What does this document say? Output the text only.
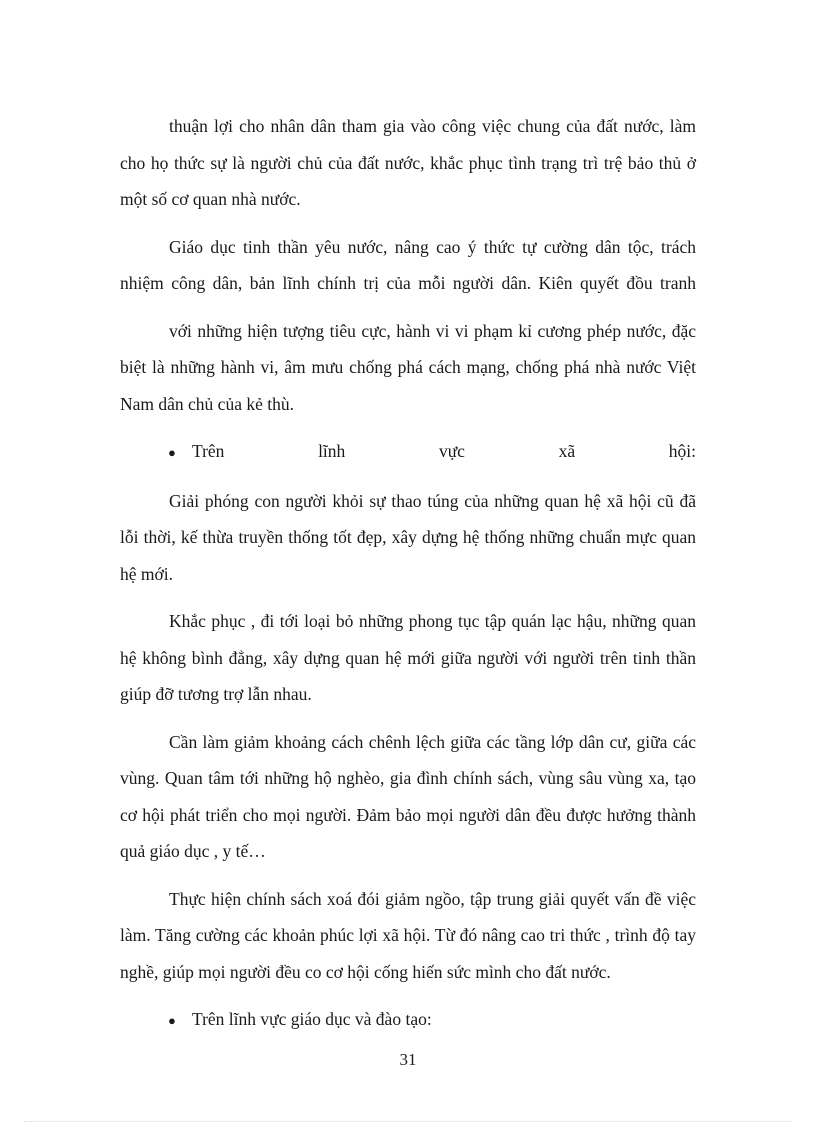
thuận lợi cho nhân dân tham gia vào công việc chung của đất nước, làm cho họ thức sự là người chủ của đất nước, khắc phục tình trạng trì trệ bảo thủ ở một số cơ quan nhà nước.

Giáo dục tinh thần yêu nước, nâng cao ý thức tự cường dân tộc, trách nhiệm công dân, bản lĩnh chính trị của mỗi người dân. Kiên quyết đồu tranh

với những hiện tượng tiêu cực, hành vi vi phạm kỉ cương phép nước, đặc biệt là những hành vi, âm mưu chống phá cách mạng, chống phá nhà nước Việt Nam dân chủ của kẻ thù.

● Trên lĩnh vực xã hội:

Giải phóng con người khỏi sự thao túng của những quan hệ xã hội cũ đã lỗi thời, kế thừa truyền thống tốt đẹp, xây dựng hệ thống những chuẩn mực quan hệ mới.

Khắc phục , đi tới loại bỏ những phong tục tập quán lạc hậu, những quan hệ không bình đẳng, xây dựng quan hệ mới giữa người với người trên tinh thần giúp đỡ tương trợ lẫn nhau.

Cần làm giảm khoảng cách chênh lệch giữa các tầng lớp dân cư, giữa các vùng. Quan tâm tới những hộ nghèo, gia đình chính sách, vùng sâu vùng xa, tạo cơ hội phát triển cho mọi người. Đảm bảo mọi người dân đều được hưởng thành quả giáo dục , y tế…

Thực hiện chính sách xoá đói giảm ngồo, tập trung giải quyết vấn đề việc làm. Tăng cường các khoản phúc lợi xã hội. Từ đó nâng cao tri thức , trình độ tay nghề, giúp mọi người đều co cơ hội cống hiến sức mình cho đất nước.

● Trên lĩnh vực giáo dục và đào tạo:
31
